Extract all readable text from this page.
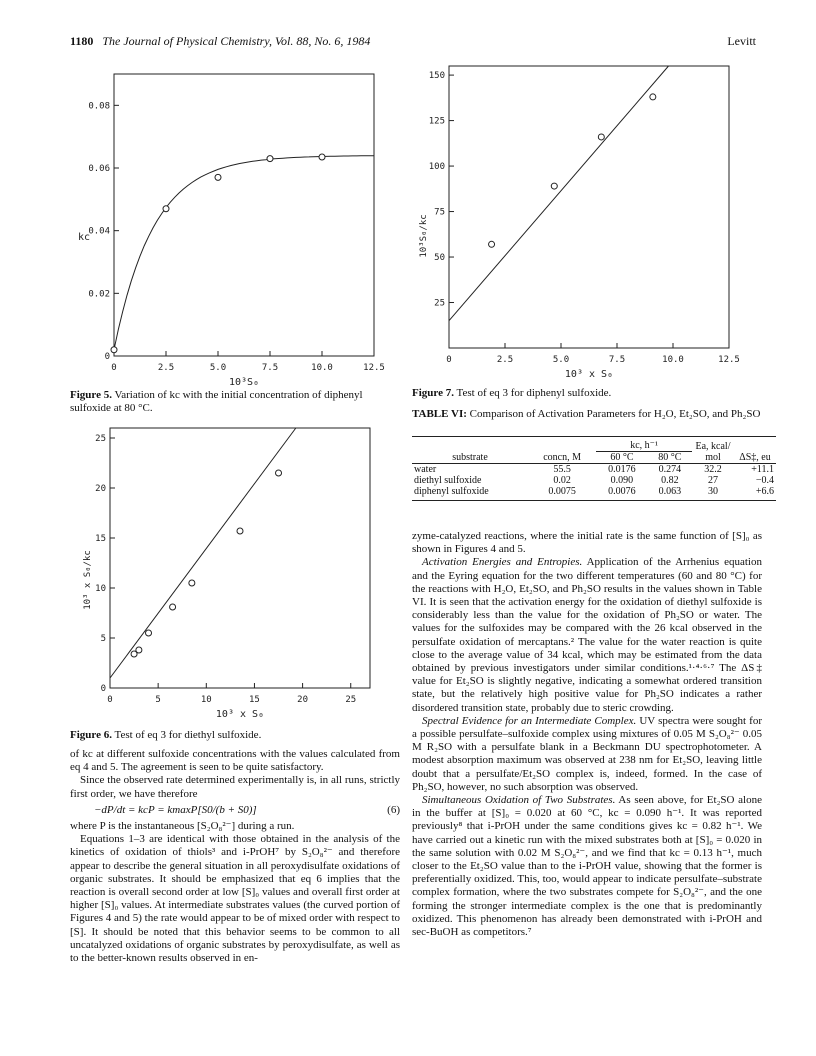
1180 The Journal of Physical Chemistry, Vol. 88, No. 6, 1984	Levitt
0	2.5	5.0	7.5	10.0	12.5
0
0.02
0.04
0.06
0.08
10³S₀
kc
Figure 5. Variation of kc with the initial concentration of diphenyl sulfoxide at 80 °C.
0	5	10	15	20	25
0
5
10
15
20
25
10³ x S₀
10³ x S₀/kc
Figure 6. Test of eq 3 for diethyl sulfoxide.

of kc at different sulfoxide concentrations with the values calculated from eq 4 and 5. The agreement is seen to be quite satisfactory.

Since the observed rate determined experimentally is, in all runs, strictly first order, we have therefore

−dP/dt = kcP = kmaxP[S0/(b + S0)]	(6)

where P is the instantaneous [S₂O₈²⁻] during a run.

Equations 1–3 are identical with those obtained in the analysis of the kinetics of oxidation of thiols³ and i-PrOH⁷ by S₂O₈²⁻ and therefore appear to describe the general situation in all peroxydisulfate oxidations of organic substrates. It should be emphasized that eq 6 implies that the reaction is overall second order at low [S]₀ values and overall first order at higher [S]₀ values. At intermediate substrates values (the curved portion of Figures 4 and 5) the rate would appear to be of mixed order with respect to [S]. It should be noted that this behavior seems to be common to all uncatalyzed oxidations of organic substrates by peroxydisulfate, as well as to the better-known results observed in en-

0	2.5	5.0	7.5	10.0	12.5
25
50
75
100
125
150
10³ x S₀
10³S₀/kc
Figure 7. Test of eq 3 for diphenyl sulfoxide.
TABLE VI: Comparison of Activation Parameters for H₂O, Et₂SO, and Ph₂SO
		kc, h⁻¹		Ea, kcal/ mol	ΔS‡, eu
substrate	concn, M	60 °C	80 °C		
water	55.5	0.0176	0.274	32.2	+11.1
diethyl sulfoxide	0.02	0.090	0.82	27	−0.4
diphenyl sulfoxide	0.0075	0.0076	0.063	30	+6.6

zyme-catalyzed reactions, where the initial rate is the same function of [S]₀ as shown in Figures 4 and 5.

Activation Energies and Entropies. Application of the Arrhenius equation and the Eyring equation for the two different temperatures (60 and 80 °C) for the reactions with H₂O, Et₂SO, and Ph₂SO results in the values shown in Table VI. It is seen that the activation energy for the oxidation of diethyl sulfoxide is considerably less than the value for the oxidation of Ph₂SO or water. The values for the sulfoxides may be compared with the 26 kcal observed in the persulfate oxidation of mercaptans.² The value for the water reaction is quite close to the average value of 34 kcal, which may be estimated from the data obtained by previous investigators under similar conditions.¹·⁴·⁶·⁷ The ΔS‡ value for Et₂SO is slightly negative, indicating a somewhat ordered transition state, but the relatively high positive value for Ph₂SO indicates a rather disordered transition state, probably due to steric crowding.

Spectral Evidence for an Intermediate Complex. UV spectra were sought for a possible persulfate–sulfoxide complex using mixtures of 0.05 M S₂O₈²⁻ 0.05 M R₂SO with a persulfate blank in a Beckmann DU spectrophotometer. A modest absorption maximum was observed at 238 nm for Et₂SO, leaving little doubt that a persulfate/Et₂SO complex is, indeed, formed. In the case of Ph₂SO, however, no such absorption was observed.

Simultaneous Oxidation of Two Substrates. As seen above, for Et₂SO alone in the buffer at [S]₀ = 0.020 at 60 °C, kc = 0.090 h⁻¹. It was reported previously⁸ that i-PrOH under the same conditions gives kc = 0.82 h⁻¹. We have carried out a kinetic run with the mixed substrates both at [S]₀ = 0.020 in the same solution with 0.02 M S₂O₈²⁻, and we find that kc = 0.13 h⁻¹, much closer to the Et₂SO value than to the i-PrOH value, showing that the former is preferentially oxidized. This, too, would appear to indicate persulfate–substrate complex formation, where the two substrates compete for S₂O₈²⁻, and the one forming the stronger intermediate complex is the one that is predominantly oxidized. This phenomenon has already been demonstrated with i-PrOH and sec-BuOH as competitors.⁷
